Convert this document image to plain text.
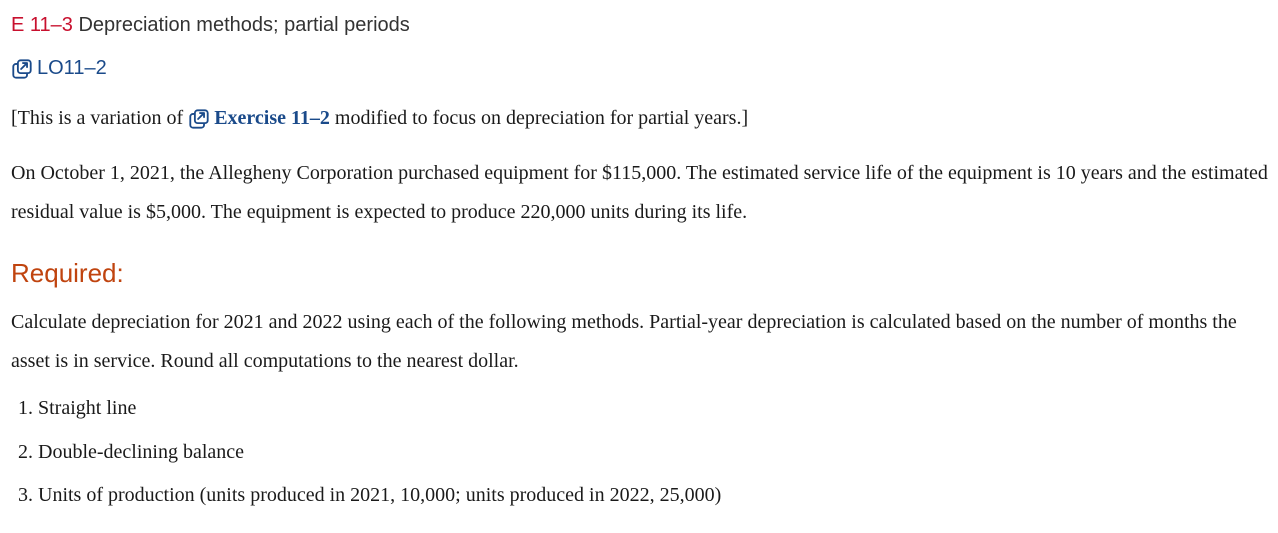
E 11–3 Depreciation methods; partial periods
LO11–2
[This is a variation of Exercise 11–2 modified to focus on depreciation for partial years.]

On October 1, 2021, the Allegheny Corporation purchased equipment for $115,000. The estimated service life of the equipment is 10 years and the estimated residual value is $5,000. The equipment is expected to produce 220,000 units during its life.

Required:

Calculate depreciation for 2021 and 2022 using each of the following methods. Partial-year depreciation is calculated based on the number of months the asset is in service. Round all computations to the nearest dollar.

1. Straight line
2. Double-declining balance
3. Units of production (units produced in 2021, 10,000; units produced in 2022, 25,000)
